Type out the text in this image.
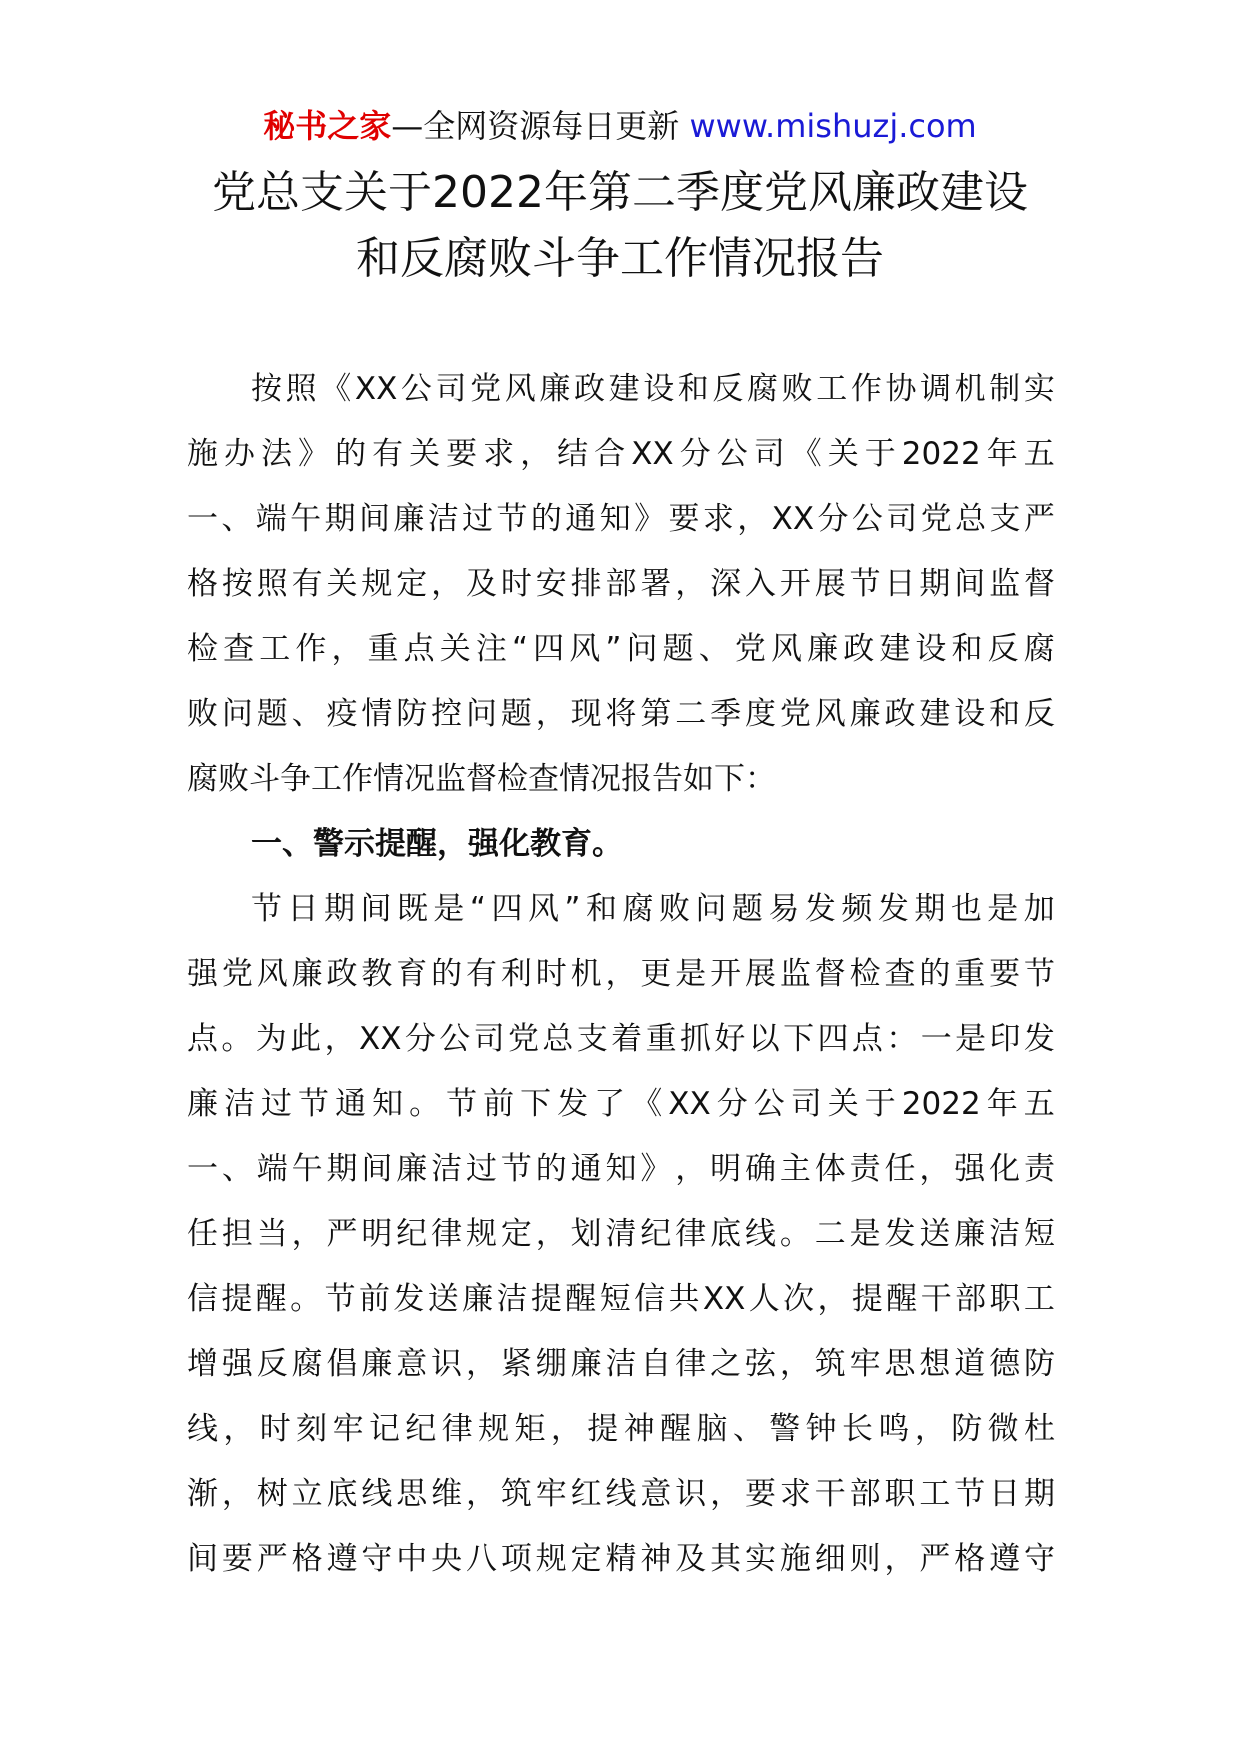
秘书之家—全网资源每日更新 www.mishuzj.com
党总支关于2022年第二季度党风廉政建设
和反腐败斗争工作情况报告
按 照 《 XX 公 司 党 风 廉 政 建 设 和 反 腐 败 工 作 协 调 机 制 实
施 办 法 》 的 有 关 要 求 ， 结 合 XX 分 公 司 《 关 于 2022 年 五
一 、 端 午 期 间 廉 洁 过 节 的 通 知 》 要 求 ， XX 分 公 司 党 总 支 严
格 按 照 有 关 规 定 ， 及 时 安 排 部 署 ， 深 入 开 展 节 日 期 间 监 督
检 查 工 作 ， 重 点 关 注 “ 四 风 ” 问 题 、 党 风 廉 政 建 设 和 反 腐
败 问 题 、 疫 情 防 控 问 题 ， 现 将 第 二 季 度 党 风 廉 政 建 设 和 反
腐败斗争工作情况监督检查情况报告如下：
一、警示提醒，强化教育。
节 日 期 间 既 是 “ 四 风 ” 和 腐 败 问 题 易 发 频 发 期 也 是 加
强 党 风 廉 政 教 育 的 有 利 时 机 ， 更 是 开 展 监 督 检 查 的 重 要 节
点 。 为 此 ， XX 分 公 司 党 总 支 着 重 抓 好 以 下 四 点 ： 一 是 印 发
廉 洁 过 节 通 知 。 节 前 下 发 了 《 XX 分 公 司 关 于 2022 年 五
一 、 端 午 期 间 廉 洁 过 节 的 通 知 》 ， 明 确 主 体 责 任 ， 强 化 责
任 担 当 ， 严 明 纪 律 规 定 ， 划 清 纪 律 底 线 。 二 是 发 送 廉 洁 短
信 提 醒 。 节 前 发 送 廉 洁 提 醒 短 信 共 XX 人 次 ， 提 醒 干 部 职 工
增 强 反 腐 倡 廉 意 识 ， 紧 绷 廉 洁 自 律 之 弦 ， 筑 牢 思 想 道 德 防
线 ， 时 刻 牢 记 纪 律 规 矩 ， 提 神 醒 脑 、 警 钟 长 鸣 ， 防 微 杜
渐 ， 树 立 底 线 思 维 ， 筑 牢 红 线 意 识 ， 要 求 干 部 职 工 节 日 期
间 要 严 格 遵 守 中 央 八 项 规 定 精 神 及 其 实 施 细 则 ， 严 格 遵 守
